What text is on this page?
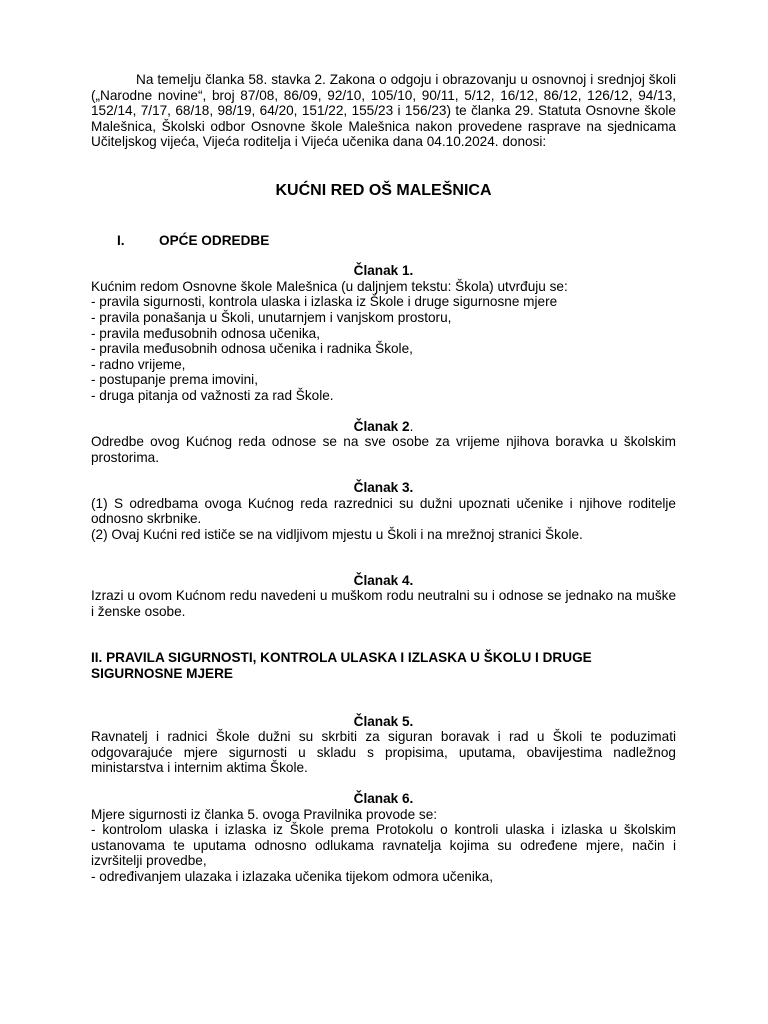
Na temelju članka 58. stavka 2. Zakona o odgoju i obrazovanju u osnovnoj i srednjoj školi („Narodne novine“, broj 87/08, 86/09, 92/10, 105/10, 90/11, 5/12, 16/12, 86/12, 126/12, 94/13, 152/14, 7/17, 68/18, 98/19, 64/20, 151/22, 155/23 i 156/23) te članka 29. Statuta Osnovne škole Malešnica, Školski odbor Osnovne škole Malešnica nakon provedene rasprave na sjednicama Učiteljskog vijeća, Vijeća roditelja i Vijeća učenika dana 04.10.2024. donosi:

KUĆNI RED OŠ MALEŠNICA

I.	OPĆE ODREDBE

Članak 1.

Kućnim redom Osnovne škole Malešnica (u daljnjem tekstu: Škola) utvrđuju se:

- pravila sigurnosti, kontrola ulaska i izlaska iz Škole i druge sigurnosne mjere
- pravila ponašanja u Školi, unutarnjem i vanjskom prostoru,
- pravila međusobnih odnosa učenika,
- pravila međusobnih odnosa učenika i radnika Škole,
- radno vrijeme,
- postupanje prema imovini,
- druga pitanja od važnosti za rad Škole.

Članak 2.

Odredbe ovog Kućnog reda odnose se na sve osobe za vrijeme njihova boravka u školskim prostorima.

Članak 3.

(1) S odredbama ovoga Kućnog reda razrednici su dužni upoznati učenike i njihove roditelje odnosno skrbnike.

(2) Ovaj Kućni red ističe se na vidljivom mjestu u Školi i na mrežnoj stranici Škole.

Članak 4.

Izrazi u ovom Kućnom redu navedeni u muškom rodu neutralni su i odnose se jednako na muške i ženske osobe.

II. PRAVILA SIGURNOSTI, KONTROLA ULASKA I IZLASKA U ŠKOLU I DRUGE SIGURNOSNE MJERE

Članak 5.

Ravnatelj i radnici Škole dužni su skrbiti za siguran boravak i rad u Školi te poduzimati odgovarajuće mjere sigurnosti u skladu s propisima, uputama, obavijestima nadležnog ministarstva i internim aktima Škole.

Članak 6.

Mjere sigurnosti iz članka 5. ovoga Pravilnika provode se:

- kontrolom ulaska i izlaska iz Škole prema Protokolu o kontroli ulaska i izlaska u školskim ustanovama te uputama odnosno odlukama ravnatelja kojima su određene mjere, način i izvršitelji provedbe,

- određivanjem ulazaka i izlazaka učenika tijekom odmora učenika,
